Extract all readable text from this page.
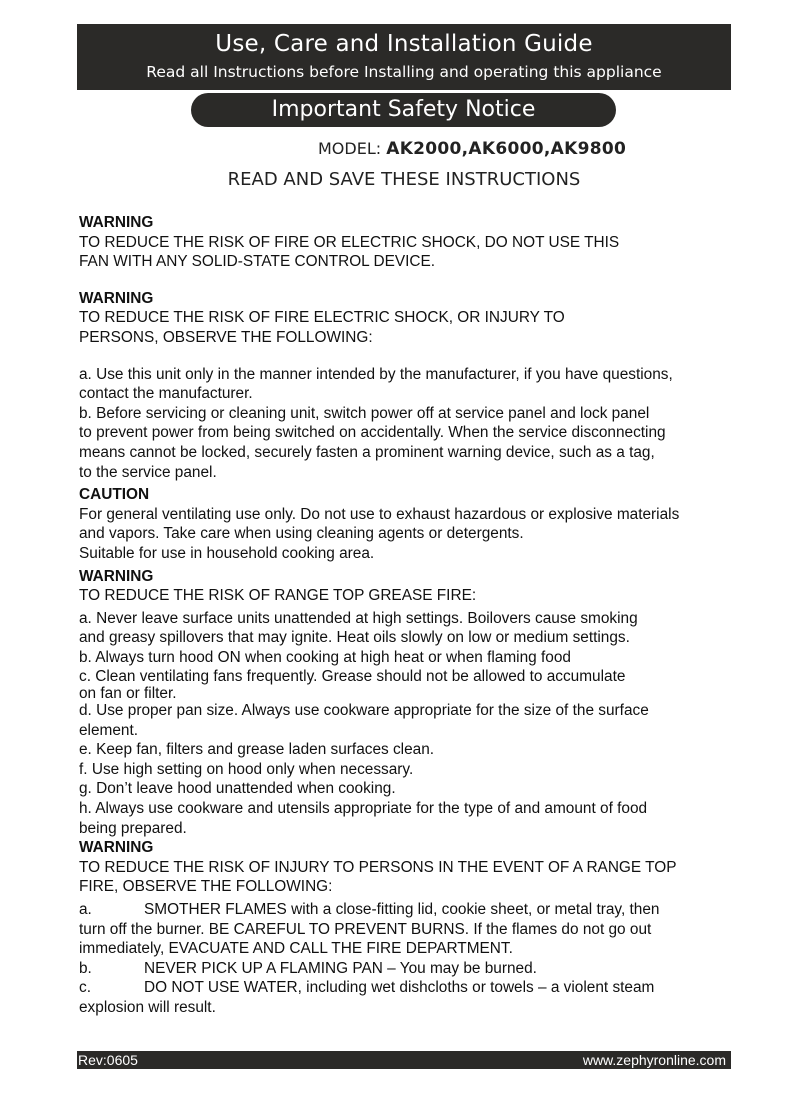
Use, Care and Installation Guide
Read all Instructions before Installing and operating this appliance
Important Safety Notice
MODEL: AK2000,AK6000,AK9800
READ AND SAVE THESE INSTRUCTIONS

WARNING

TO REDUCE THE RISK OF FIRE OR ELECTRIC SHOCK, DO NOT USE THIS

FAN WITH ANY SOLID-STATE CONTROL DEVICE.

WARNING

TO REDUCE THE RISK OF FIRE ELECTRIC SHOCK, OR INJURY TO

PERSONS, OBSERVE THE FOLLOWING:

a. Use this unit only in the manner intended by the manufacturer, if you have questions,

contact the manufacturer.

b. Before servicing or cleaning unit, switch power off at service panel and lock panel

to prevent power from being switched on accidentally. When the service disconnecting

means cannot be locked, securely fasten a prominent warning device, such as a tag,

to the service panel.

CAUTION

For general ventilating use only. Do not use to exhaust hazardous or explosive materials

and vapors. Take care when using cleaning agents or detergents.

Suitable for use in household cooking area.

WARNING

TO REDUCE THE RISK OF RANGE TOP GREASE FIRE:

a. Never leave surface units unattended at high settings. Boilovers cause smoking

and greasy spillovers that may ignite. Heat oils slowly on low or medium settings.

b. Always turn hood ON when cooking at high heat or when flaming food

c. Clean ventilating fans frequently. Grease should not be allowed to accumulate

on fan or filter.

d. Use proper pan size. Always use cookware appropriate for the size of the surface

element.

e. Keep fan, filters and grease laden surfaces clean.

f. Use high setting on hood only when necessary.

g. Don’t leave hood unattended when cooking.

h. Always use cookware and utensils appropriate for the type of and amount of food

being prepared.

WARNING

TO REDUCE THE RISK OF INJURY TO PERSONS IN THE EVENT OF A RANGE TOP

FIRE, OBSERVE THE FOLLOWING:

a.	SMOTHER FLAMES with a close-fitting lid, cookie sheet, or metal tray, then

turn off the burner. BE CAREFUL TO PREVENT BURNS. If the flames do not go out

immediately, EVACUATE AND CALL THE FIRE DEPARTMENT.

b.	NEVER PICK UP A FLAMING PAN – You may be burned.
c.	DO NOT USE WATER, including wet dishcloths or towels – a violent steam

explosion will result.

Rev:0605	www.zephyronline.com
